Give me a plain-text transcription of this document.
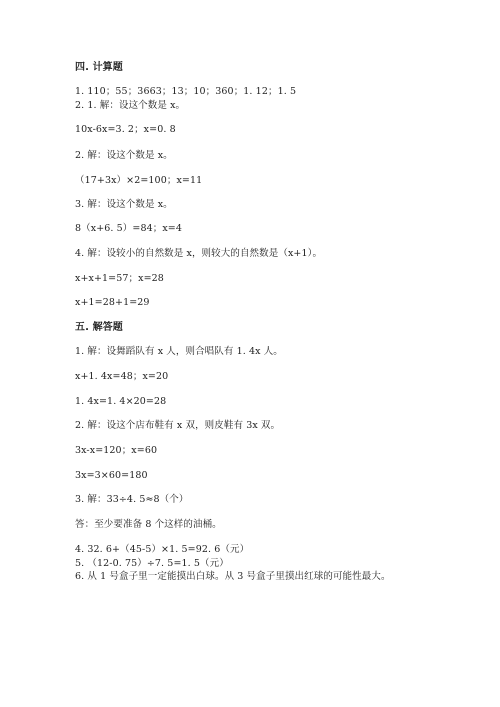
四. 计算题
1. 110；55；3663；13；10；360；1. 12；1. 5
2. 1. 解：设这个数是 x。
10x-6x=3. 2；x=0. 8
2. 解：设这个数是 x。
（17+3x）×2=100；x=11
3. 解：设这个数是 x。
8（x+6. 5）=84；x=4
4. 解：设较小的自然数是 x，则较大的自然数是（x+1）。
x+x+1=57；x=28
x+1=28+1=29
五. 解答题
1. 解：设舞蹈队有 x 人，则合唱队有 1. 4x 人。
x+1. 4x=48；x=20
1. 4x=1. 4×20=28
2. 解：设这个店布鞋有 x 双，则皮鞋有 3x 双。
3x-x=120；x=60
3x=3×60=180
3. 解：33÷4. 5≈8（个）
答：至少要准备 8 个这样的油桶。
4. 32. 6+（45-5）×1. 5=92. 6（元）
5. （12-0. 75）÷7. 5=1. 5（元）
6. 从 1 号盒子里一定能摸出白球。从 3 号盒子里摸出红球的可能性最大。
